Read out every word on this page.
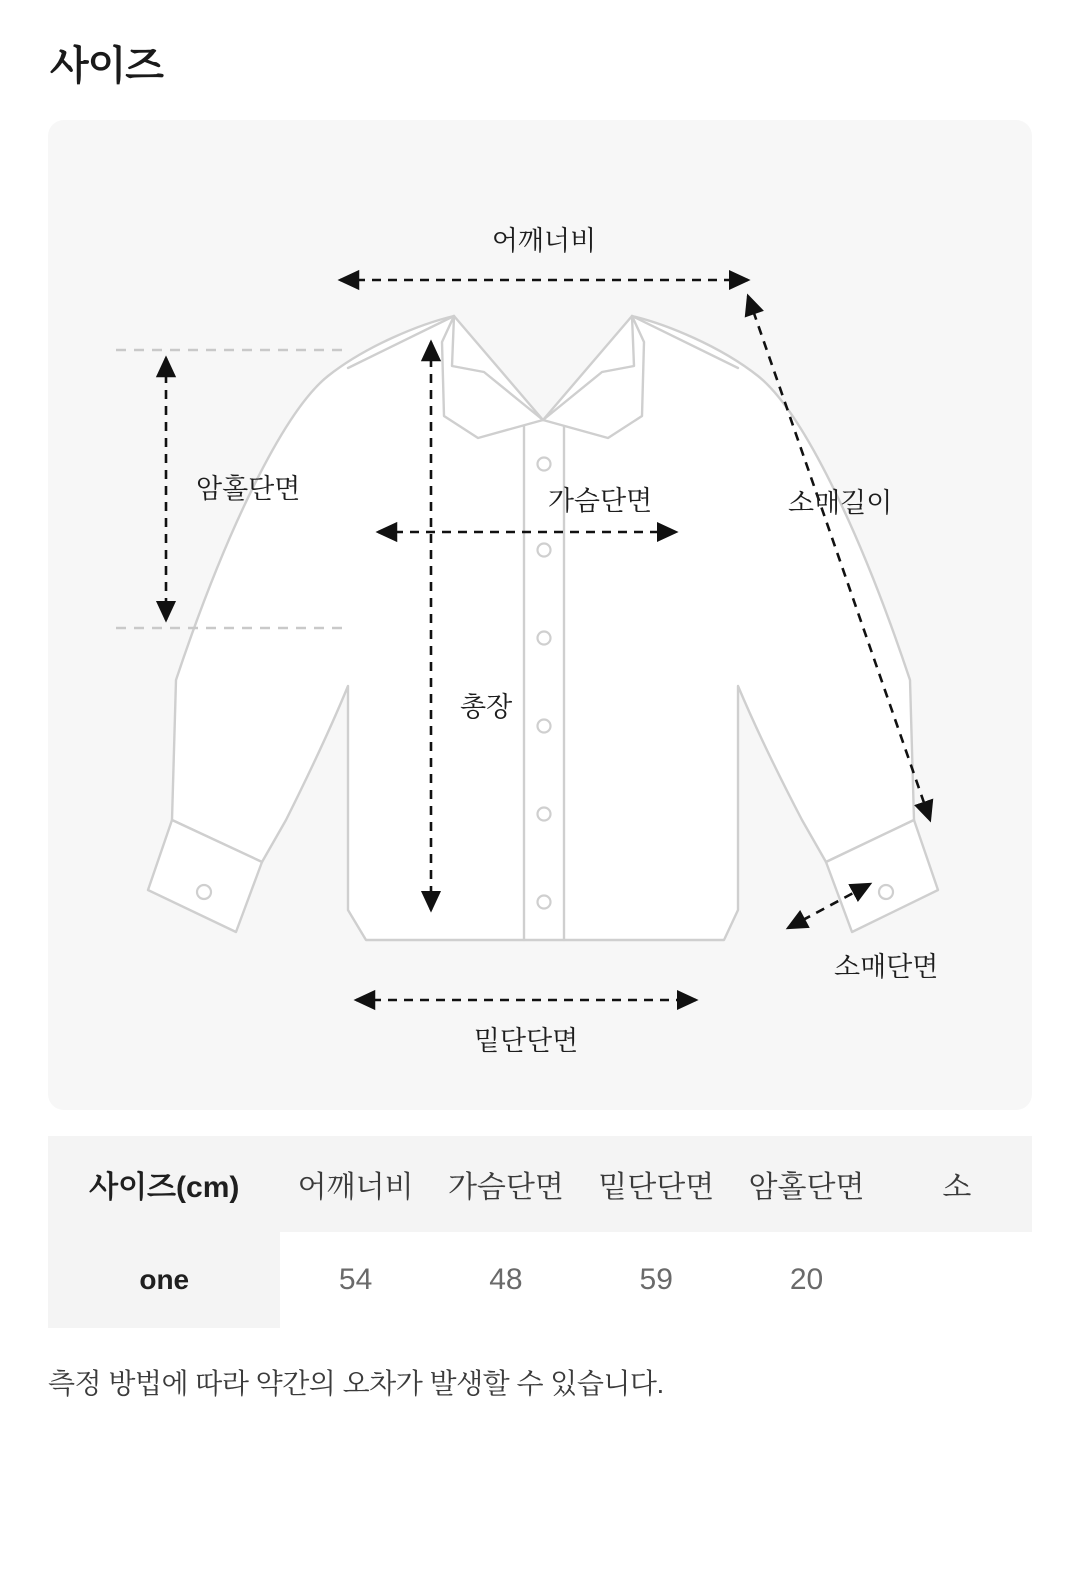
사이즈
어깨너비
암홀단면	가슴단면
총장
소매길이
소매단면
밑단단면
사이즈(cm)	어깨너비	가슴단면	밑단단면	암홀단면	소
one	54	48	59	20	
측정 방법에 따라 약간의 오차가 발생할 수 있습니다.
